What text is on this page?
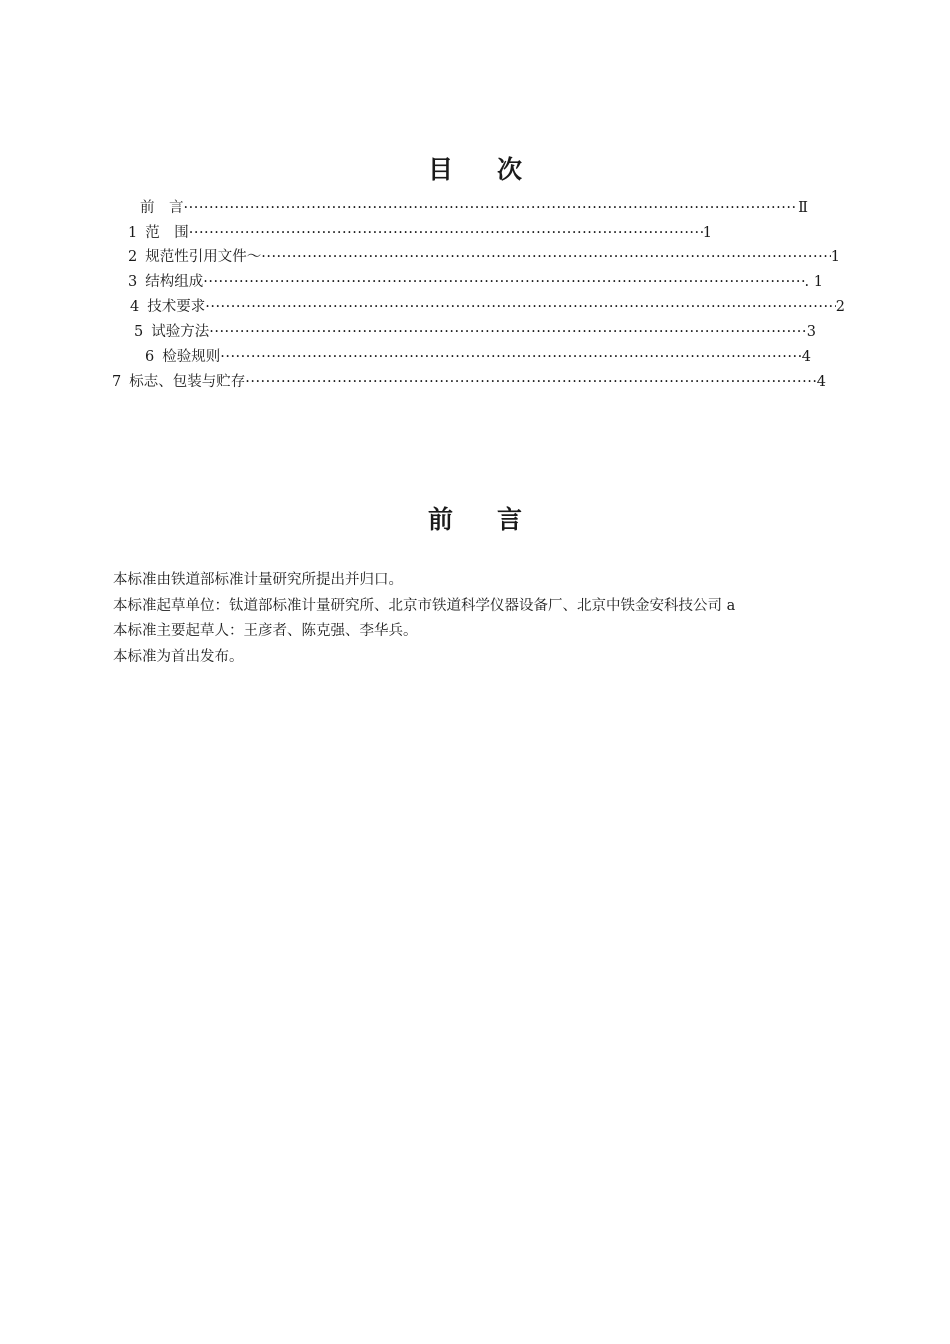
目次
前　言 ·····	Ⅱ
1 范　围 ·····	1
2 规范性引用文件～ ·····	1
3 结构组成 ·····	. 1
4 技术要求 ·····	2
5 试验方法 ·····	3
6 检验规则 ·····	4
7 标志、包装与贮存 ·····	4
前言

本标准由铁道部标准计量研究所提出并归口。

本标准起草单位：钛道部标准计量研究所、北京市铁道科学仪器设备厂、北京中铁金安科技公司 a

本标准主要起草人：王彦者、陈克强、李华兵。

本标准为首出发布。
